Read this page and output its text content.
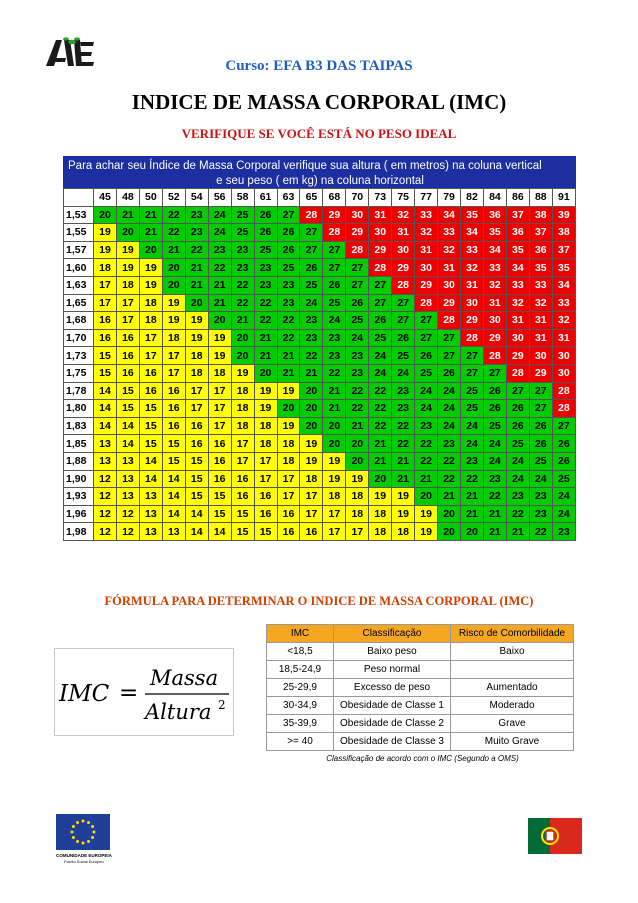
Curso: EFA B3 DAS TAIPAS
INDICE DE MASSA CORPORAL (IMC)
VERIFIQUE SE VOCÊ ESTÁ NO PESO IDEAL
Para achar seu Índice de Massa Corporal verifique sua altura ( em metros) na coluna vertical
e seu peso ( em kg) na coluna horizontal
	45	48	50	52	54	56	58	61	63	65	68	70	73	75	77	79	82	84	86	88	91
1,53	20	21	21	22	23	24	25	26	27	28	29	30	31	32	33	34	35	36	37	38	39
1,55	19	20	21	22	23	24	25	26	26	27	28	29	30	31	32	33	34	35	36	37	38
1,57	19	19	20	21	22	23	23	25	26	27	27	28	29	30	31	32	33	34	35	36	37
1,60	18	19	19	20	21	22	23	23	25	26	27	27	28	29	30	31	32	33	34	35	35
1,63	17	18	19	20	21	21	22	23	23	25	26	27	27	28	29	30	31	32	33	33	34
1,65	17	17	18	19	20	21	22	22	23	24	25	26	27	27	28	29	30	31	32	32	33
1,68	16	17	18	19	19	20	21	22	22	23	24	25	26	27	27	28	29	30	31	31	32
1,70	16	16	17	18	19	19	20	21	22	23	23	24	25	26	27	27	28	29	30	31	31
1,73	15	16	17	17	18	19	20	21	21	22	23	23	24	25	26	27	27	28	29	30	30
1,75	15	16	16	17	18	18	19	20	21	21	22	23	24	24	25	26	27	27	28	29	30
1,78	14	15	16	16	17	17	18	19	19	20	21	22	22	23	24	24	25	26	27	27	28
1,80	14	15	15	16	17	17	18	19	20	20	21	22	22	23	24	24	25	26	26	27	28
1,83	14	14	15	16	16	17	18	18	19	20	20	21	22	22	23	24	24	25	26	26	27
1,85	13	14	15	15	16	16	17	18	18	19	20	20	21	22	22	23	24	24	25	26	26
1,88	13	13	14	15	15	16	17	17	18	19	19	20	21	21	22	22	23	24	24	25	26
1,90	12	13	14	14	15	16	16	17	17	18	19	19	20	21	21	22	22	23	24	24	25
1,93	12	13	13	14	15	15	16	16	17	17	18	18	19	19	20	21	21	22	23	23	24
1,96	12	12	13	14	14	15	15	16	16	17	17	18	18	19	19	20	21	21	22	23	24
1,98	12	12	13	13	14	14	15	15	16	16	17	17	18	18	19	20	20	21	21	22	23
FÓRMULA PARA DETERMINAR O INDICE DE MASSA CORPORAL (IMC)
IMC =
Massa
Altura 2
IMC	Classificação	Risco de Comorbilidade
<18,5	Baixo peso	Baixo
18,5-24,9	Peso normal	
25-29,9	Excesso de peso	Aumentado
30-34,9	Obesidade de Classe 1	Moderado
35-39,9	Obesidade de Classe 2	Grave
>= 40	Obesidade de Classe 3	Muito Grave
Classificação de acordo com o IMC (Segundo a OMS)
COMUNIDADE EUROPEIA
Fundo Social Europeu
